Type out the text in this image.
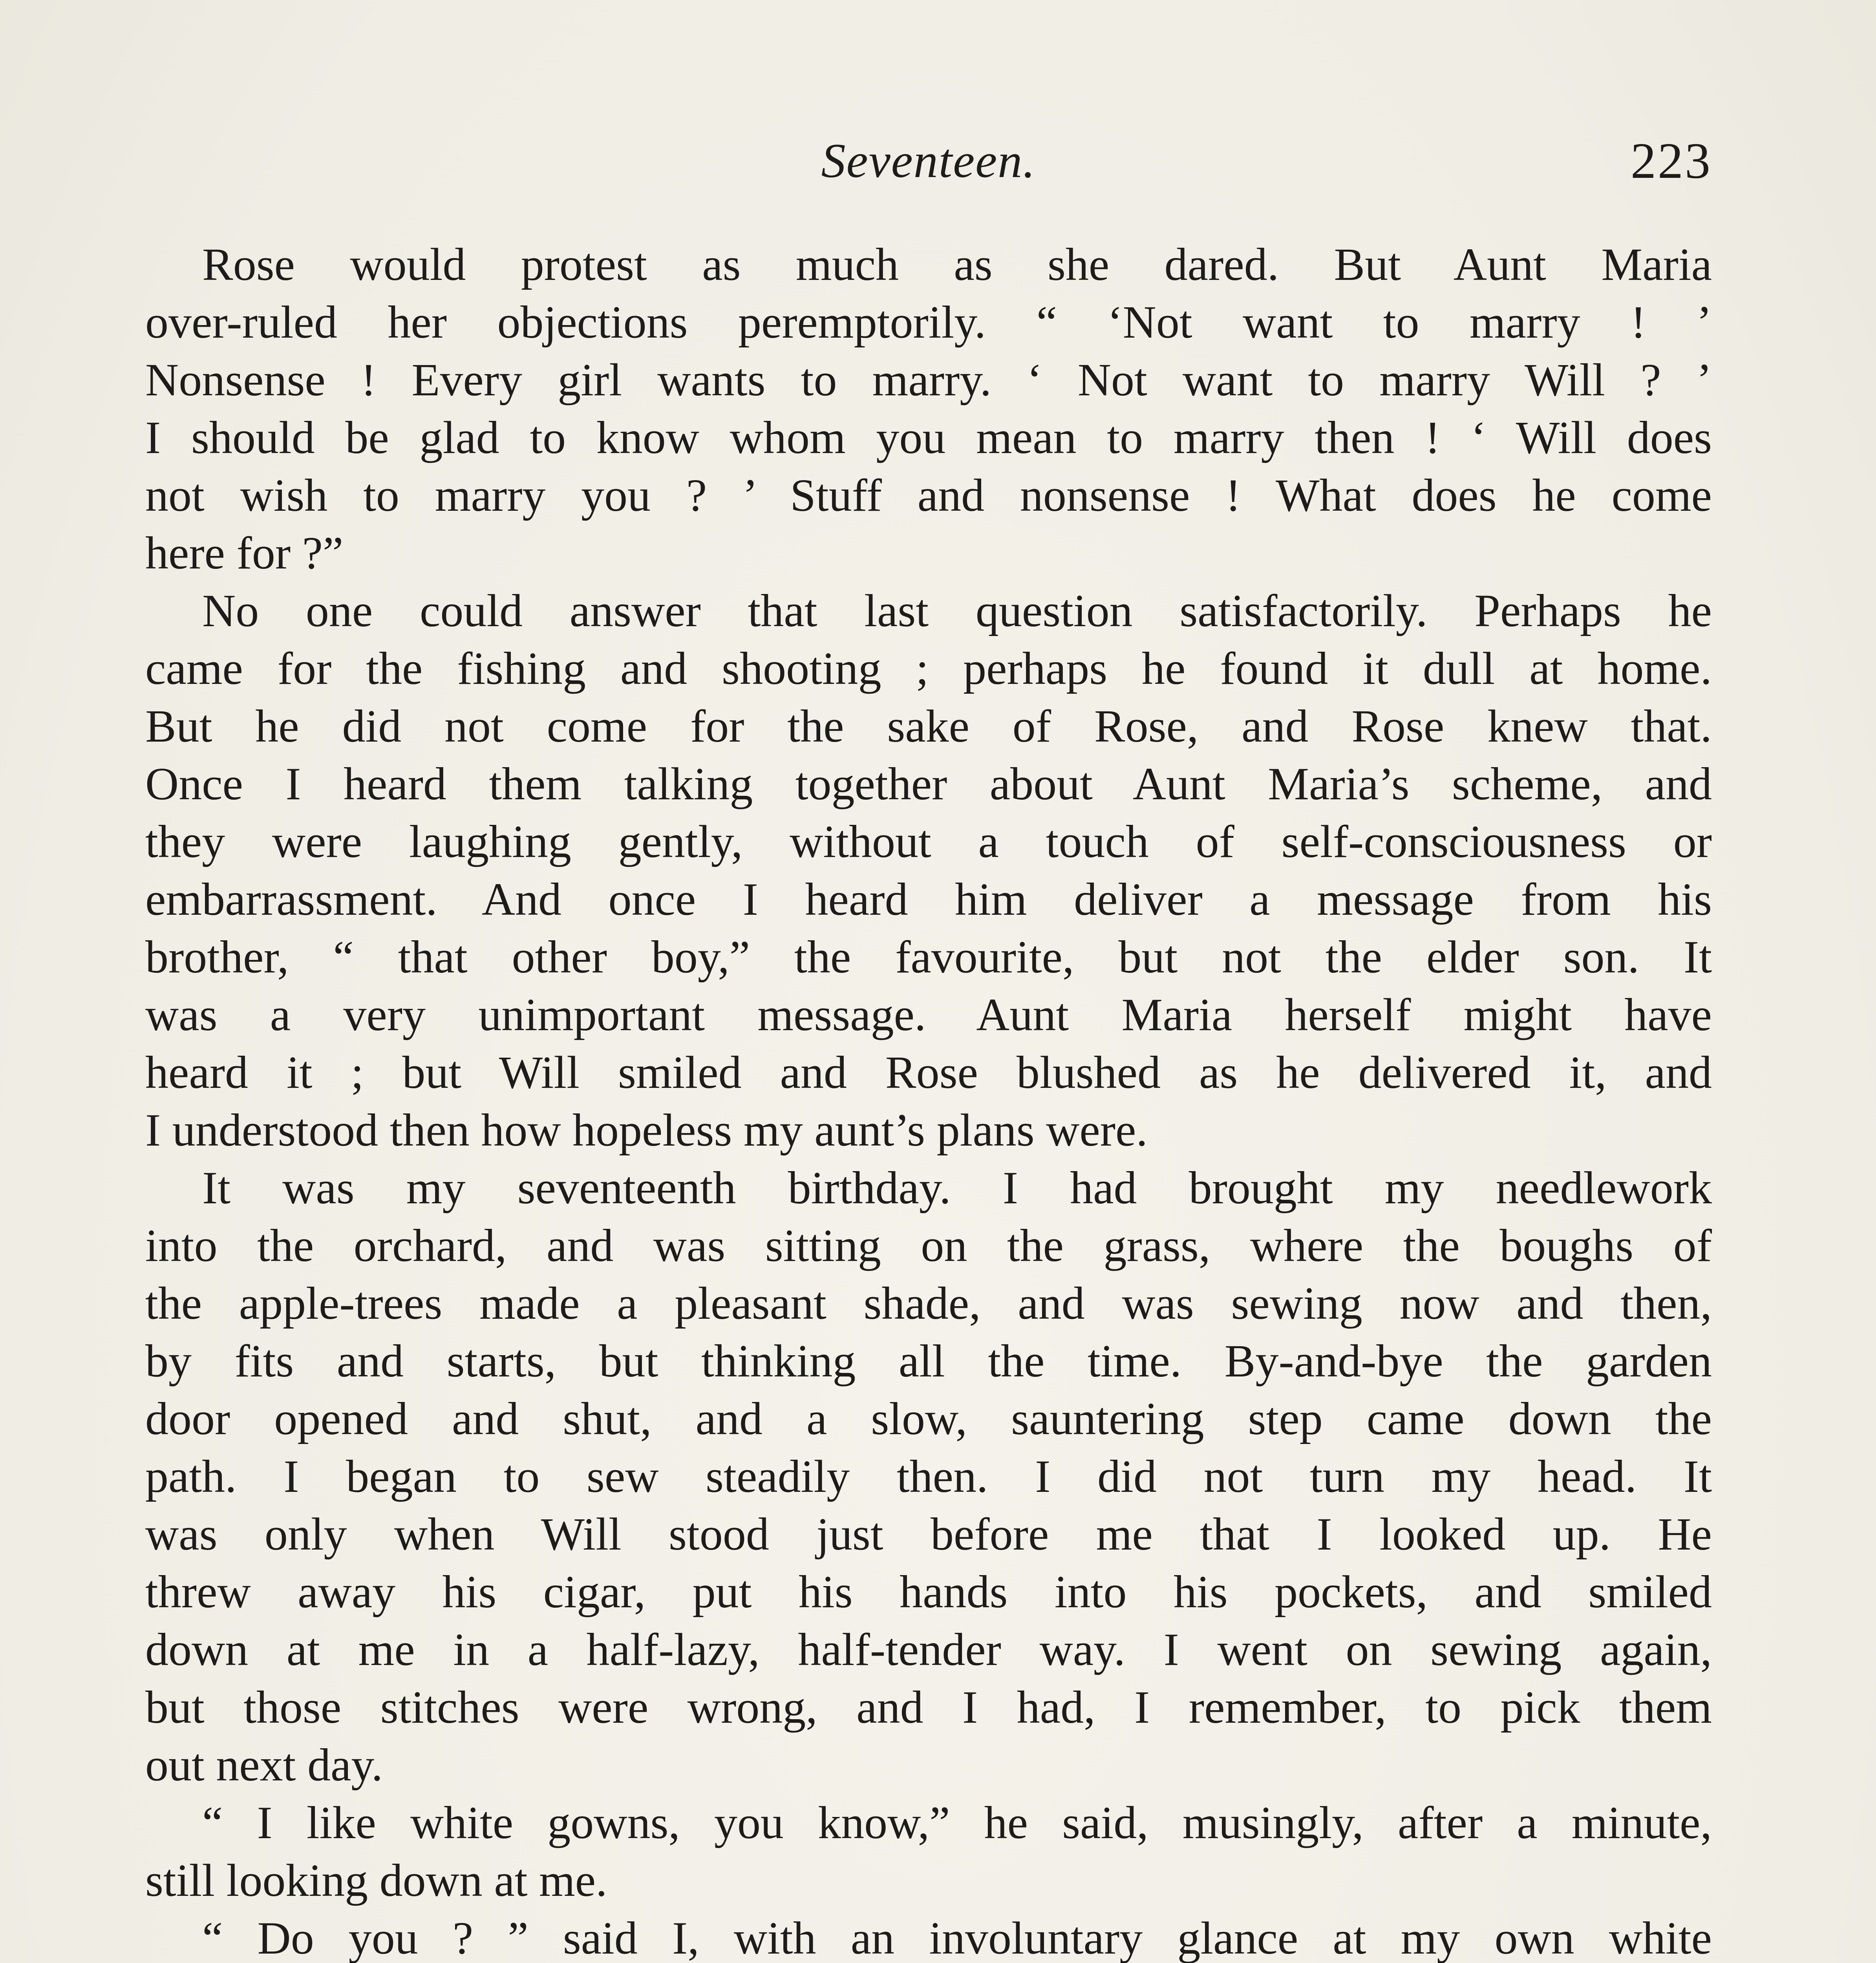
Seventeen.	223
Rose would protest as much as she dared. But Aunt Maria
over-ruled her objections peremptorily. “ ‘Not want to marry ! ’
Nonsense ! Every girl wants to marry. ‘ Not want to marry Will ? ’
I should be glad to know whom you mean to marry then ! ‘ Will does
not wish to marry you ? ’ Stuff and nonsense ! What does he come
here for ?”
No one could answer that last question satisfactorily. Perhaps he
came for the fishing and shooting ; perhaps he found it dull at home.
But he did not come for the sake of Rose, and Rose knew that.
Once I heard them talking together about Aunt Maria’s scheme, and
they were laughing gently, without a touch of self-consciousness or
embarrassment. And once I heard him deliver a message from his
brother, “ that other boy,” the favourite, but not the elder son. It
was a very unimportant message. Aunt Maria herself might have
heard it ; but Will smiled and Rose blushed as he delivered it, and
I understood then how hopeless my aunt’s plans were.
It was my seventeenth birthday. I had brought my needlework
into the orchard, and was sitting on the grass, where the boughs of
the apple-trees made a pleasant shade, and was sewing now and then,
by fits and starts, but thinking all the time. By-and-bye the garden
door opened and shut, and a slow, sauntering step came down the
path. I began to sew steadily then. I did not turn my head. It
was only when Will stood just before me that I looked up. He
threw away his cigar, put his hands into his pockets, and smiled
down at me in a half-lazy, half-tender way. I went on sewing again,
but those stitches were wrong, and I had, I remember, to pick them
out next day.
“ I like white gowns, you know,” he said, musingly, after a minute,
still looking down at me.
“ Do you ? ” said I, with an involuntary glance at my own white
